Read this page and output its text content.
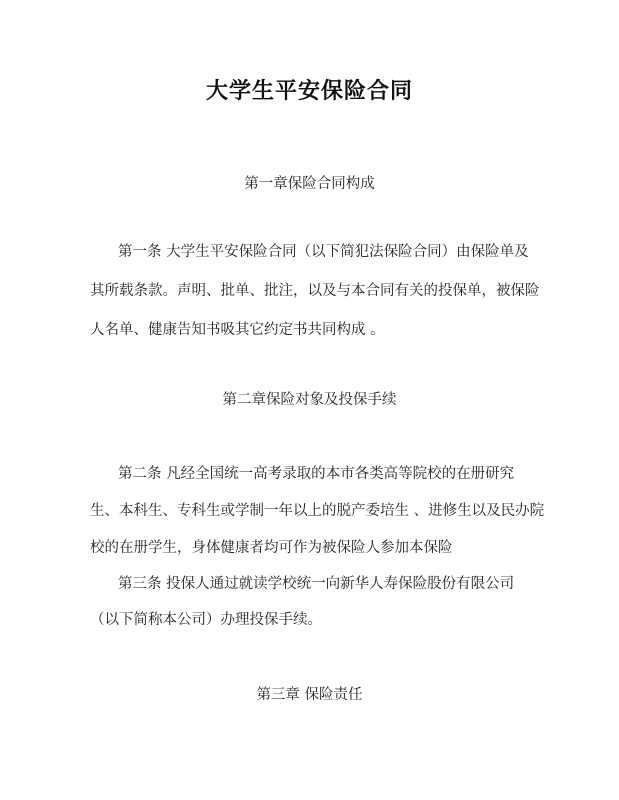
大学生平安保险合同
第一章保险合同构成
第一条 大学生平安保险合同（以下简犯法保险合同）由保险单及
其所载条款。声明、批单、批注，以及与本合同有关的投保单，被保险
人名单、健康告知书吸其它约定书共同构成 。
第二章保险对象及投保手续
第二条 凡经全国统一高考录取的本市各类高等院校的在册研究
生、本科生、专科生或学制一年以上的脱产委培生 、进修生以及民办院
校的在册学生，身体健康者均可作为被保险人参加本保险
第三条 投保人通过就读学校统一向新华人寿保险股份有限公司
（以下简称本公司）办理投保手续。
第三章 保险责任
